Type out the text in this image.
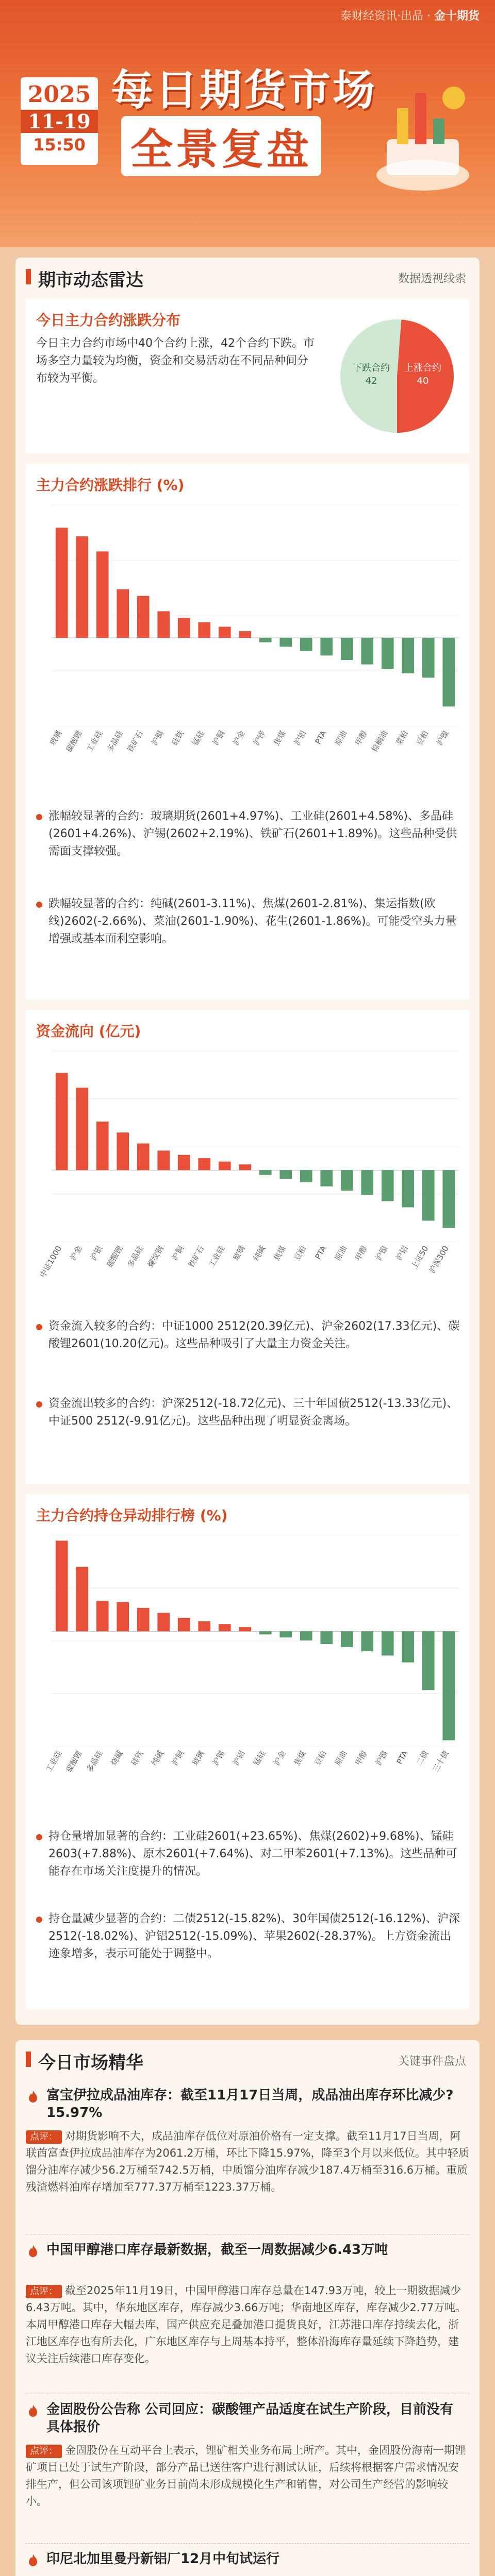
泰财经资讯·出品 · 金十期货
2025
11-19
15:50
每日期货市场
全景复盘
期市动态雷达	数据透视线索
今日主力合约涨跌分布
今日主力合约市场中40个合约上涨，42个合约下跌。市场多空力量较为均衡，资金和交易活动在不同品种间分布较为平衡。
下跌合约
42
上涨合约
40
主力合约涨跌排行 (%)
玻璃 碳酸锂 工业硅 多晶硅 铁矿石 沪锡 硅铁 锰硅 沪铜 沪金 沪锌 焦煤 沪铝 PTA 原油 甲醇 棕榈油 菜粕 豆粕 沪镍
涨幅较显著的合约：玻璃期货(2601+4.97%)、工业硅(2601+4.58%)、多晶硅(2601+4.26%)、沪锡(2602+2.19%)、铁矿石(2601+1.89%)。这些品种受供需面支撑较强。
跌幅较显著的合约：纯碱(2601-3.11%)、焦煤(2601-2.81%)、集运指数(欧线)2602(-2.66%)、菜油(2601-1.90%)、花生(2601-1.86%)。可能受空头力量增强或基本面利空影响。
资金流向 (亿元)
中证1000 沪金 沪银 碳酸锂 多晶硅 螺纹钢 沪铜 铁矿石 工业硅 玻璃 纯碱 焦煤 豆粕 PTA 原油 甲醇 沪镍 沪铝 上证50
沪深300
资金流入较多的合约：中证1000 2512(20.39亿元)、沪金2602(17.33亿元)、碳酸锂2601(10.20亿元)。这些品种吸引了大量主力资金关注。
资金流出较多的合约：沪深2512(-18.72亿元)、三十年国债2512(-13.33亿元)、中证500 2512(-9.91亿元)。这些品种出现了明显资金离场。
主力合约持仓异动排行榜 (%)
工业硅 碳酸锂 多晶硅 烧碱 硅铁 纯碱 沪铜 玻璃 沪锡 沪铝 锰硅 沪金 焦煤 豆粕 原油 甲醇 沪镍 PTA 二债 三十债
持仓量增加显著的合约：工业硅2601(+23.65%)、焦煤(2602)+9.68%)、锰硅2603(+7.88%)、原木2601(+7.64%)、对二甲苯2601(+7.13%)。这些品种可能存在市场关注度提升的情况。
持仓量减少显著的合约：二债2512(-15.82%)、30年国债2512(-16.12%)、沪深2512(-18.02%)、沪铝2512(-15.09%)、苹果2602(-28.37%)。上方资金流出迹象增多，表示可能处于调整中。
今日市场精华	关键事件盘点
富宝伊拉成品油库存：截至11月17日当周，成品油出库存环比减少?15.97%
点评： 对期货影响不大，成品油库存低位对原油价格有一定支撑。截至11月17日当周，阿联酋富查伊拉成品油库存为2061.2万桶，环比下降15.97%，降至3个月以来低位。其中轻质馏分油库存减少56.2万桶至742.5万桶，中质馏分油库存减少187.4万桶至316.6万桶。重质残渣燃料油库存增加至777.37万桶至1223.37万桶。
中国甲醇港口库存最新数据，截至一周数据减少6.43万吨
点评： 截至2025年11月19日，中国甲醇港口库存总量在147.93万吨，较上一期数据减少6.43万吨。其中，华东地区库存，库存减少3.66万吨；华南地区库存，库存减少2.77万吨。本周甲醇港口库存大幅去库，国产供应充足叠加港口提货良好，江苏港口库存持续去化，浙江地区库存也有所去化，广东地区库存与上周基本持平，整体沿海库存量延续下降趋势，建议关注后续港口库存变化。
金固股份公告称 公司回应：碳酸锂产品适度在试生产阶段，目前没有具体报价
点评： 金固股份在互动平台上表示，锂矿相关业务布局上所产。其中，金固股份海南一期锂矿项目已处于试生产阶段，部分产品已送往客户进行测试认证，后续将根据客户需求情况安排生产，但公司该项锂矿业务目前尚未形成规模化生产和销售，对公司生产经营的影响较小。
印尼北加里曼丹新铝厂12月中旬试运行
